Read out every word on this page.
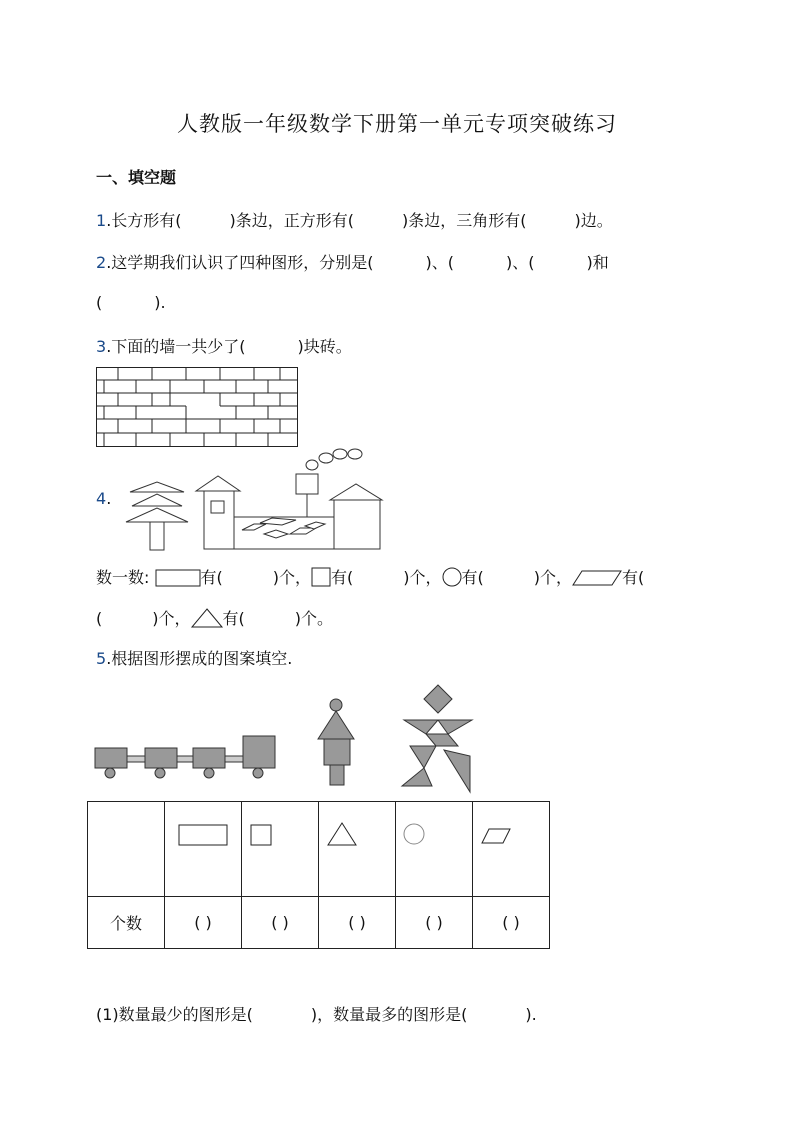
人教版一年级数学下册第一单元专项突破练习
一、填空题
1.长方形有(	)条边，正方形有(	)条边，三角形有(	)边。
2.这学期我们认识了四种图形，分别是(	)、(	)、(	)和
(	).
3.下面的墙一共少了(	)块砖。
4.
数一数:	有(	)个， 有(	)个， 有(	)个，	有(
(	)个， 有(	)个。
5.根据图形摆成的图案填空.

个数	( )	( )	( )	( )	( )
(1)数量最少的图形是(	)，数量最多的图形是(	).
